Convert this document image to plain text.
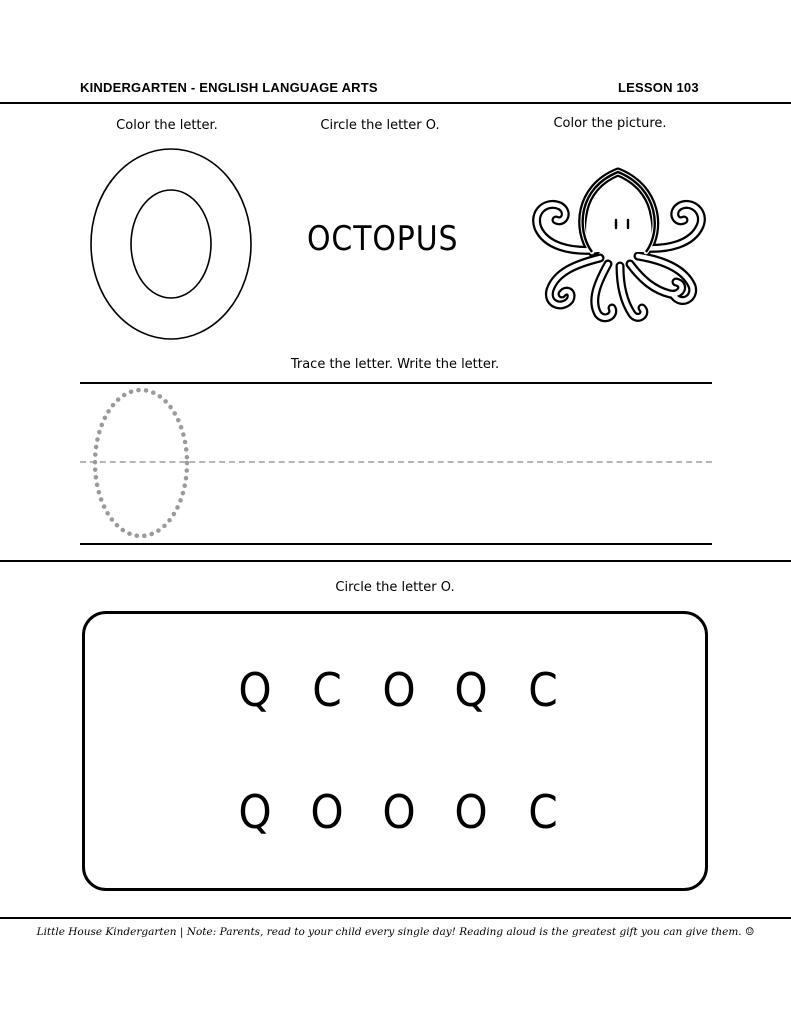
KINDERGARTEN - ENGLISH LANGUAGE ARTS	LESSON 103
Color the letter.	Circle the letter O.	Color the picture.
OCTOPUS
Trace the letter. Write the letter.
Circle the letter O.
Q C O Q C
Q O O O C
Little House Kindergarten | Note: Parents, read to your child every single day! Reading aloud is the greatest gift you can give them. ☺
